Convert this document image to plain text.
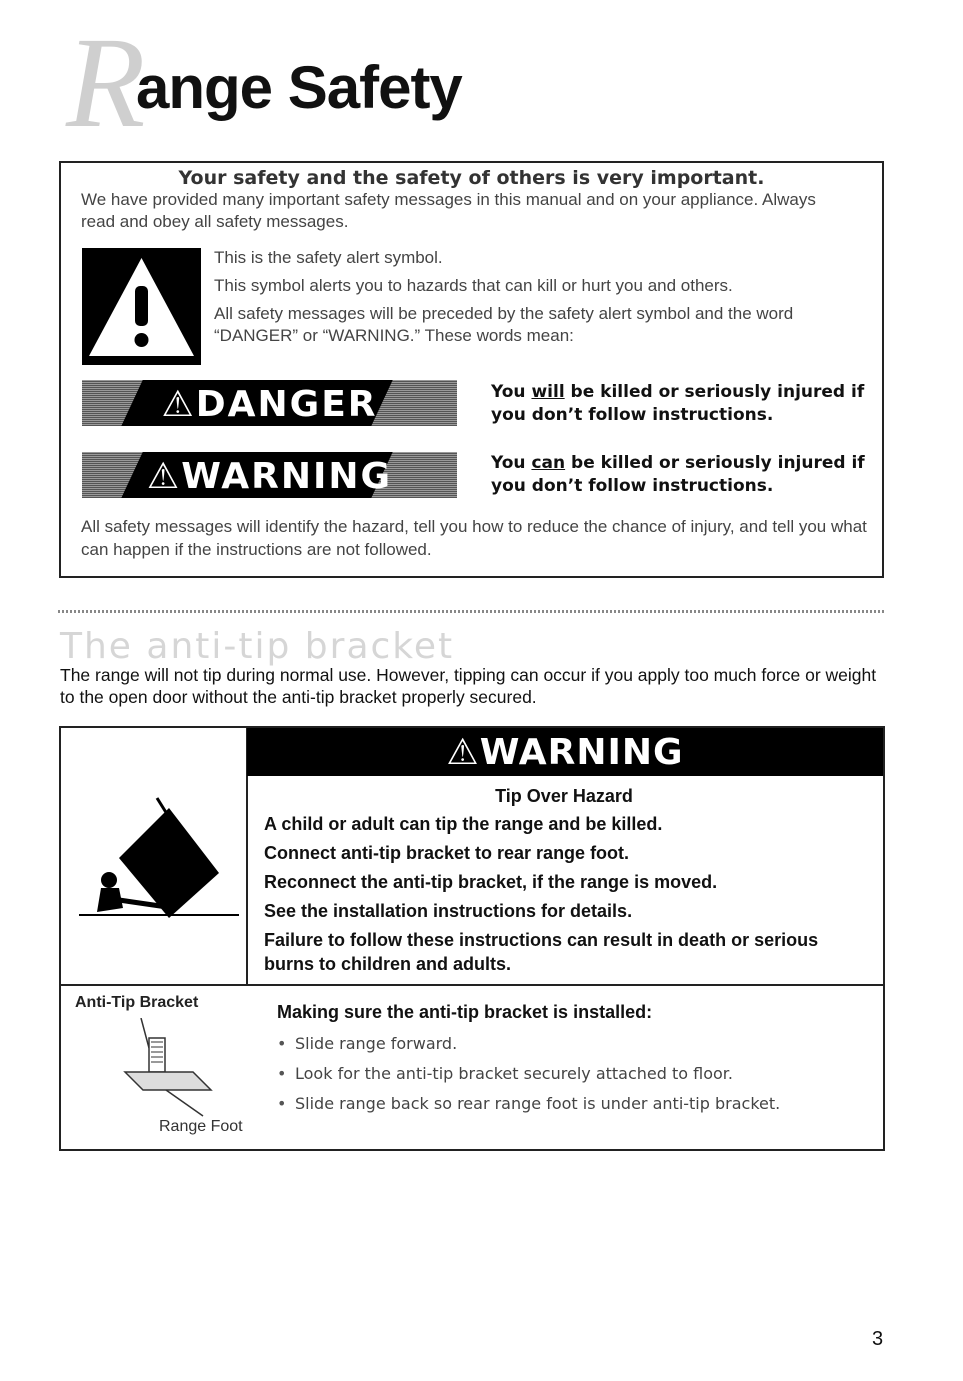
R
ange Safety
Your safety and the safety of others is very important.
We have provided many important safety messages in this manual and on your appliance. Always read and obey all safety messages.

This is the safety alert symbol.

This symbol alerts you to hazards that can kill or hurt you and others.

All safety messages will be preceded by the safety alert symbol and the word “DANGER” or “WARNING.” These words mean:

⚠DANGER	You will be killed or seriously injured if you don’t follow instructions.
⚠WARNING	You can be killed or seriously injured if you don’t follow instructions.
All safety messages will identify the hazard, tell you how to reduce the chance of injury, and tell you what can happen if the instructions are not followed.
The anti-tip bracket
The range will not tip during normal use. However, tipping can occur if you apply too much force or weight to the open door without the anti-tip bracket properly secured.
⚠WARNING
Tip Over Hazard

A child or adult can tip the range and be killed.

Connect anti-tip bracket to rear range foot.

Reconnect the anti-tip bracket, if the range is moved.

See the installation instructions for details.

Failure to follow these instructions can result in death or serious burns to children and adults.

Anti-Tip Bracket
Range Foot
Making sure the anti-tip bracket is installed:
• Slide range forward.
• Look for the anti-tip bracket securely attached to floor.
• Slide range back so rear range foot is under anti-tip bracket.
3
